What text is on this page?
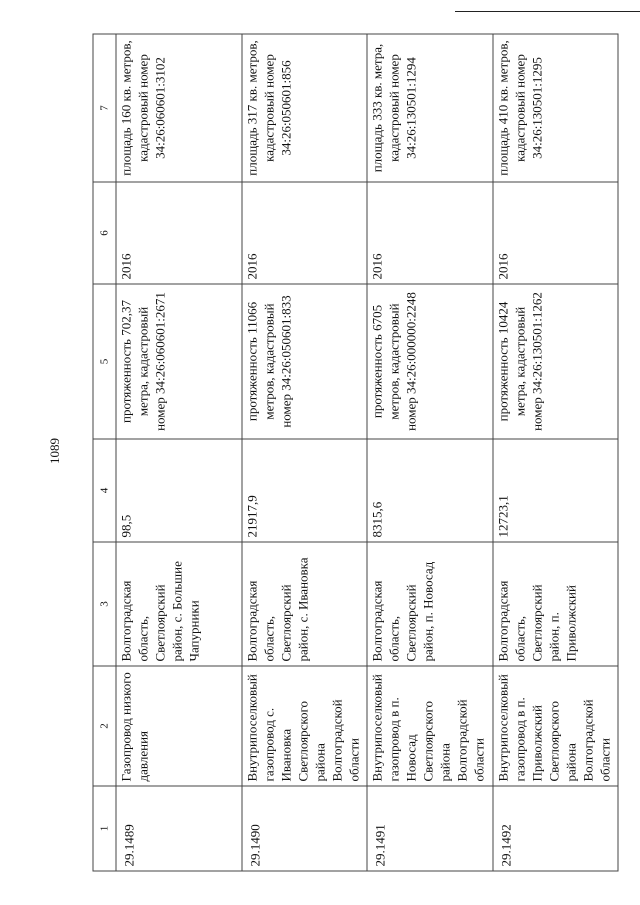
1089
1	2	3	4	5	6	7
29.1489	Газопровод низкого давления	Волгоградская область, Светлоярский район, с. Большие Чапурники	98,5	протяженность 702,37 метра, кадастровый номер 34:26:060601:2671	2016	площадь 160 кв. метров, кадастровый номер 34:26:060601:3102
29.1490	Внутрипоселковый газопровод с. Ивановка Светлоярского района Волгоградской области	Волгоградская область, Светлоярский район, с. Ивановка	21917,9	протяженность 11066 метров, кадастровый номер 34:26:050601:833	2016	площадь 317 кв. метров, кадастровый номер 34:26:050601:856
29.1491	Внутрипоселковый газопровод в п. Новосад Светлоярского района Волгоградской области	Волгоградская область, Светлоярский район, п. Новосад	8315,6	протяженность 6705 метров, кадастровый номер 34:26:000000:2248	2016	площадь 333 кв. метра, кадастровый номер 34:26:130501:1294
29.1492	Внутрипоселковый газопровод в п. Приволжский Светлоярского района Волгоградской области	Волгоградская область, Светлоярский район, п. Приволжский	12723,1	протяженность 10424 метра, кадастровый номер 34:26:130501:1262	2016	площадь 410 кв. метров, кадастровый номер 34:26:130501:1295
